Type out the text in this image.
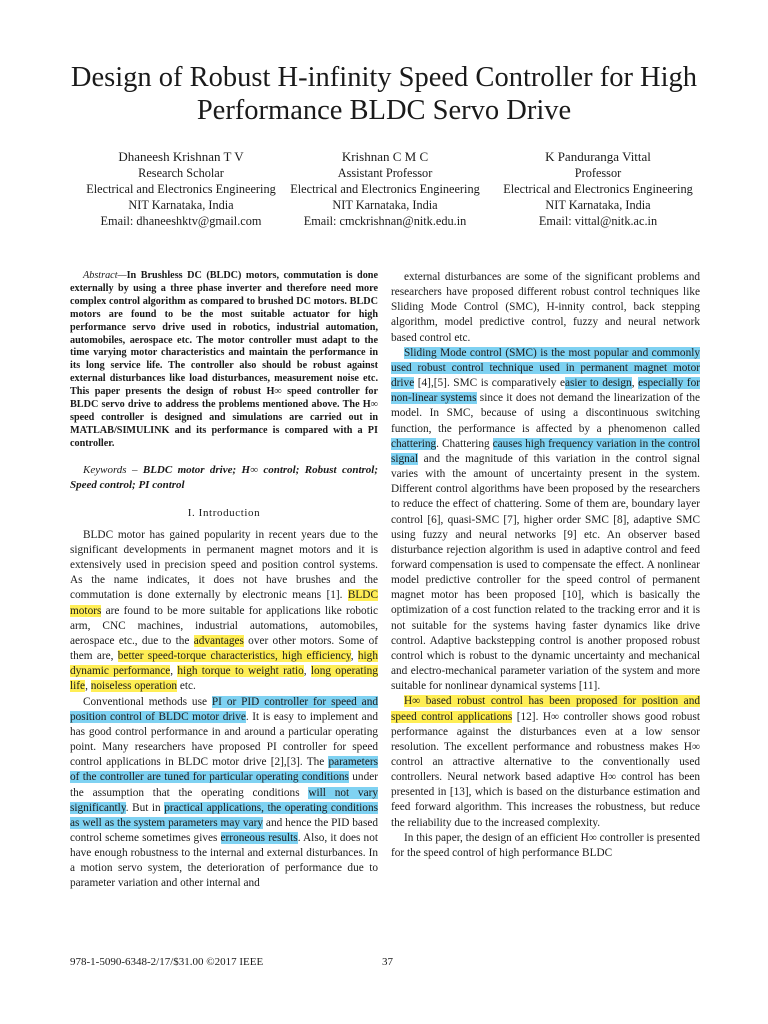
Design of Robust H-infinity Speed Controller for High Performance BLDC Servo Drive
Dhaneesh Krishnan T V
Research Scholar
Electrical and Electronics Engineering
NIT Karnataka, India
Email: dhaneeshktv@gmail.com
Krishnan C M C
Assistant Professor
Electrical and Electronics Engineering
NIT Karnataka, India
Email: cmckrishnan@nitk.edu.in
K Panduranga Vittal
Professor
Electrical and Electronics Engineering
NIT Karnataka, India
Email: vittal@nitk.ac.in

Abstract—In Brushless DC (BLDC) motors, commutation is done externally by using a three phase inverter and therefore need more complex control algorithm as compared to brushed DC motors. BLDC motors are found to be the most suitable actuator for high performance servo drive used in robotics, industrial automation, automobiles, aerospace etc. The motor controller must adapt to the time varying motor characteristics and maintain the performance in its long service life. The controller also should be robust against external disturbances like load disturbances, measurement noise etc. This paper presents the design of robust H∞ speed controller for BLDC servo drive to address the problems mentioned above. The H∞ speed controller is designed and simulations are carried out in MATLAB/SIMULINK and its performance is compared with a PI controller.

Keywords – BLDC motor drive; H∞ control; Robust control; Speed control; PI control

I. Introduction

BLDC motor has gained popularity in recent years due to the significant developments in permanent magnet motors and it is extensively used in precision speed and position control systems. As the name indicates, it does not have brushes and the commutation is done externally by electronic means [1]. BLDC motors are found to be more suitable for applications like robotic arm, CNC machines, industrial automations, automobiles, aerospace etc., due to the advantages over other motors. Some of them are, better speed-torque characteristics, high efficiency, high dynamic performance, high torque to weight ratio, long operating life, noiseless operation etc.

Conventional methods use PI or PID controller for speed and position control of BLDC motor drive. It is easy to implement and has good control performance in and around a particular operating point. Many researchers have proposed PI controller for speed control applications in BLDC motor drive [2],[3]. The parameters of the controller are tuned for particular operating conditions under the assumption that the operating conditions will not vary significantly. But in practical applications, the operating conditions as well as the system parameters may vary and hence the PID based control scheme sometimes gives erroneous results. Also, it does not have enough robustness to the internal and external disturbances. In a motion servo system, the deterioration of performance due to parameter variation and other internal and

external disturbances are some of the significant problems and researchers have proposed different robust control techniques like Sliding Mode Control (SMC), H-innity control, back stepping algorithm, model predictive control, fuzzy and neural network based control etc.

Sliding Mode control (SMC) is the most popular and commonly used robust control technique used in permanent magnet motor drive [4],[5]. SMC is comparatively easier to design, especially for non-linear systems since it does not demand the linearization of the model. In SMC, because of using a discontinuous switching function, the performance is affected by a phenomenon called chattering. Chattering causes high frequency variation in the control signal and the magnitude of this variation in the control signal varies with the amount of uncertainty present in the system. Different control algorithms have been proposed by the researchers to reduce the effect of chattering. Some of them are, boundary layer control [6], quasi-SMC [7], higher order SMC [8], adaptive SMC using fuzzy and neural networks [9] etc. An observer based disturbance rejection algorithm is used in adaptive control and feed forward compensation is used to compensate the effect. A nonlinear model predictive controller for the speed control of permanent magnet motor has been proposed [10], which is basically the optimization of a cost function related to the tracking error and it is not suitable for the systems having faster dynamics like drive control. Adaptive backstepping control is another proposed robust control which is robust to the dynamic uncertainty and mechanical and electro-mechanical parameter variation of the system and more suitable for nonlinear dynamical systems [11].

H∞ based robust control has been proposed for position and speed control applications [12]. H∞ controller shows good robust performance against the disturbances even at a low sensor resolution. The excellent performance and robustness makes H∞ control an attractive alternative to the conventionally used controllers. Neural network based adaptive H∞ control has been presented in [13], which is based on the disturbance estimation and feed forward algorithm. This increases the robustness, but reduce the reliability due to the increased complexity.

In this paper, the design of an efficient H∞ controller is presented for the speed control of high performance BLDC

978-1-5090-6348-2/17/$31.00 ©2017 IEEE	37
